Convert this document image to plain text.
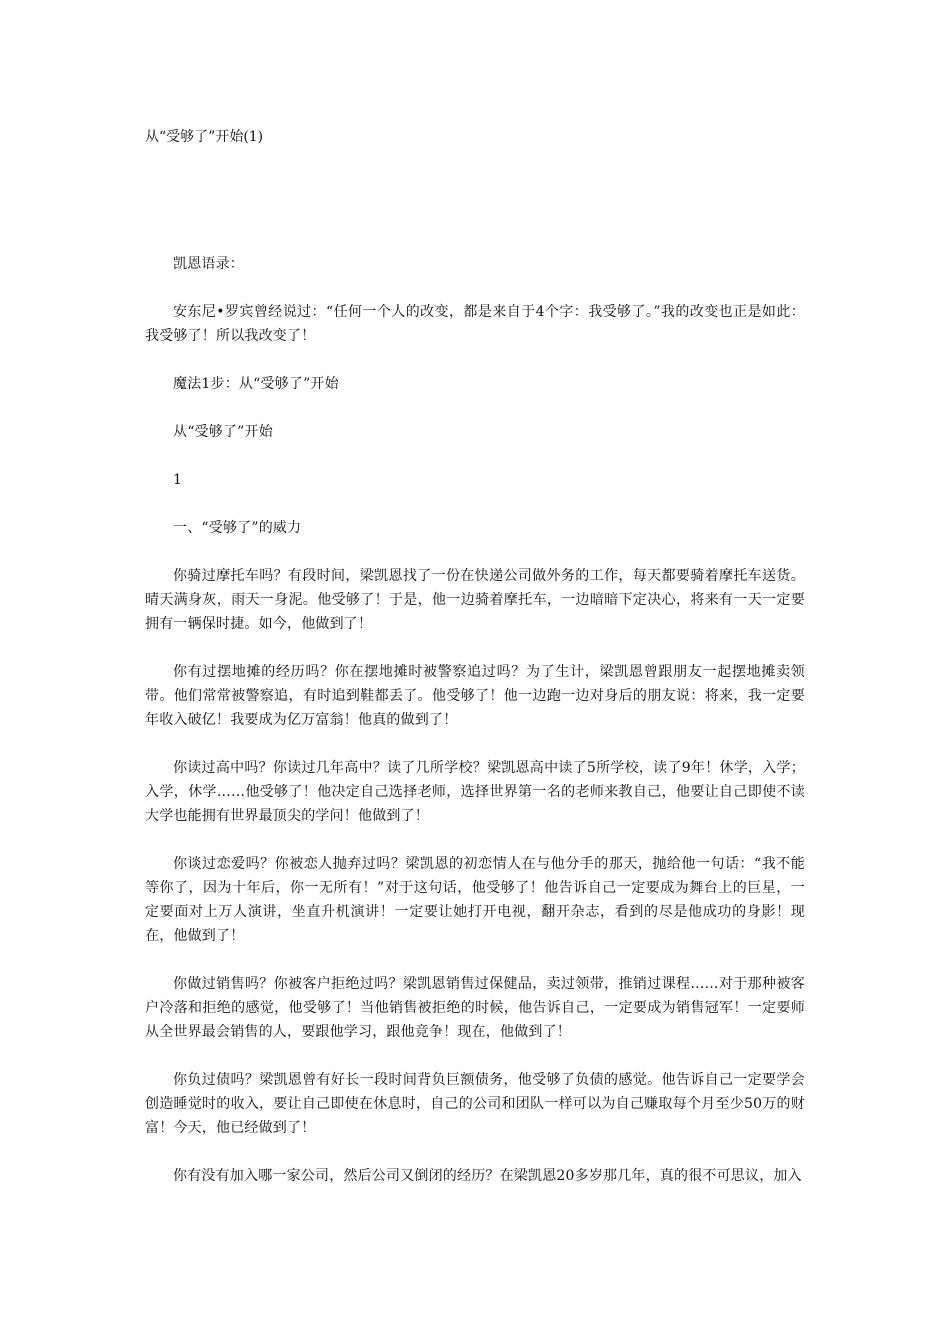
从“受够了”开始(1)

凯恩语录：

安东尼•罗宾曾经说过：“任何一个人的改变，都是来自于4个字：我受够了。”我的改变也正是如此：我受够了！所以我改变了！

魔法1步：从“受够了”开始

从“受够了”开始

1

一、“受够了”的威力

你骑过摩托车吗？有段时间，梁凯恩找了一份在快递公司做外务的工作，每天都要骑着摩托车送货。晴天满身灰，雨天一身泥。他受够了！于是，他一边骑着摩托车，一边暗暗下定决心，将来有一天一定要拥有一辆保时捷。如今，他做到了！

你有过摆地摊的经历吗？你在摆地摊时被警察追过吗？为了生计，梁凯恩曾跟朋友一起摆地摊卖领带。他们常常被警察追，有时追到鞋都丢了。他受够了！他一边跑一边对身后的朋友说：将来，我一定要年收入破亿！我要成为亿万富翁！他真的做到了！

你读过高中吗？你读过几年高中？读了几所学校？梁凯恩高中读了5所学校，读了9年！休学，入学；入学，休学……他受够了！他决定自己选择老师，选择世界第一名的老师来教自己，他要让自己即使不读大学也能拥有世界最顶尖的学问！他做到了！

你谈过恋爱吗？你被恋人抛弃过吗？梁凯恩的初恋情人在与他分手的那天，抛给他一句话：“我不能等你了，因为十年后，你一无所有！”对于这句话，他受够了！他告诉自己一定要成为舞台上的巨星，一定要面对上万人演讲，坐直升机演讲！一定要让她打开电视，翻开杂志，看到的尽是他成功的身影！现在，他做到了！

你做过销售吗？你被客户拒绝过吗？梁凯恩销售过保健品，卖过领带，推销过课程……对于那种被客户冷落和拒绝的感觉，他受够了！当他销售被拒绝的时候，他告诉自己，一定要成为销售冠军！一定要师从全世界最会销售的人，要跟他学习，跟他竞争！现在，他做到了！

你负过债吗？梁凯恩曾有好长一段时间背负巨额债务，他受够了负债的感觉。他告诉自己一定要学会创造睡觉时的收入，要让自己即使在休息时，自己的公司和团队一样可以为自己赚取每个月至少50万的财富！今天，他已经做到了！

你有没有加入哪一家公司，然后公司又倒闭的经历？在梁凯恩20多岁那几年，真的很不可思议，加入
